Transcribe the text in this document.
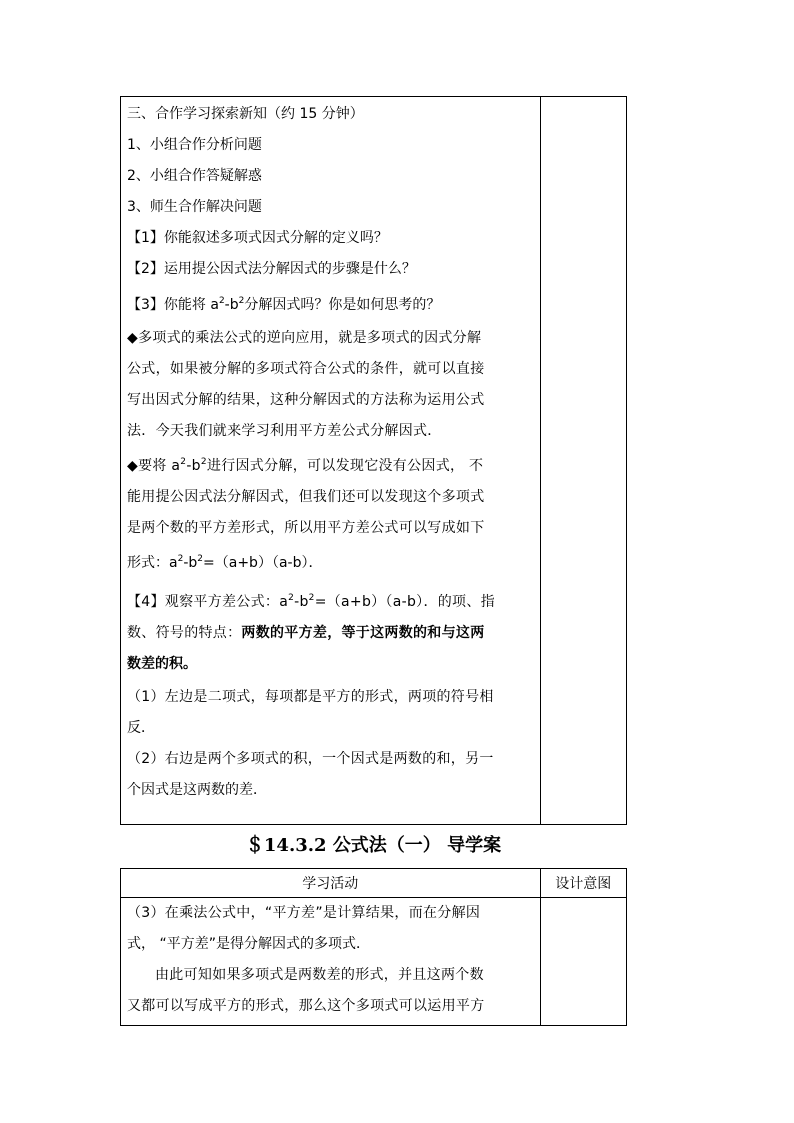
三、合作学习探索新知（约 15 分钟）
1、小组合作分析问题
2、小组合作答疑解惑
3、师生合作解决问题
【1】你能叙述多项式因式分解的定义吗？
【2】运用提公因式法分解因式的步骤是什么？
【3】你能将 $a^2-b^2$分解因式吗？你是如何思考的？
◆多项式的乘法公式的逆向应用，就是多项式的因式分解
公式，如果被分解的多项式符合公式的条件，就可以直接
写出因式分解的结果，这种分解因式的方法称为运用公式
法．今天我们就来学习利用平方差公式分解因式．
◆要将 $a^2-b^2$进行因式分解，可以发现它没有公因式， 不
能用提公因式法分解因式，但我们还可以发现这个多项式
是两个数的平方差形式，所以用平方差公式可以写成如下
形式：$a^2-b^2=(a+b)(a-b)$．
【4】观察平方差公式：$a^2-b^2=(a+b)(a-b)$．的项、指
数、符号的特点：两数的平方差，等于这两数的和与这两
数差的积。
（1）左边是二项式，每项都是平方的形式，两项的符号相
反．
（2）右边是两个多项式的积，一个因式是两数的和，另一
个因式是这两数的差．

＄14.3.2 公式法（一） 导学案
学习活动	设计意图

（3）在乘法公式中，“平方差”是计算结果，而在分解因
式， “平方差”是得分解因式的多项式．
由此可知如果多项式是两数差的形式，并且这两个数
又都可以写成平方的形式，那么这个多项式可以运用平方	
